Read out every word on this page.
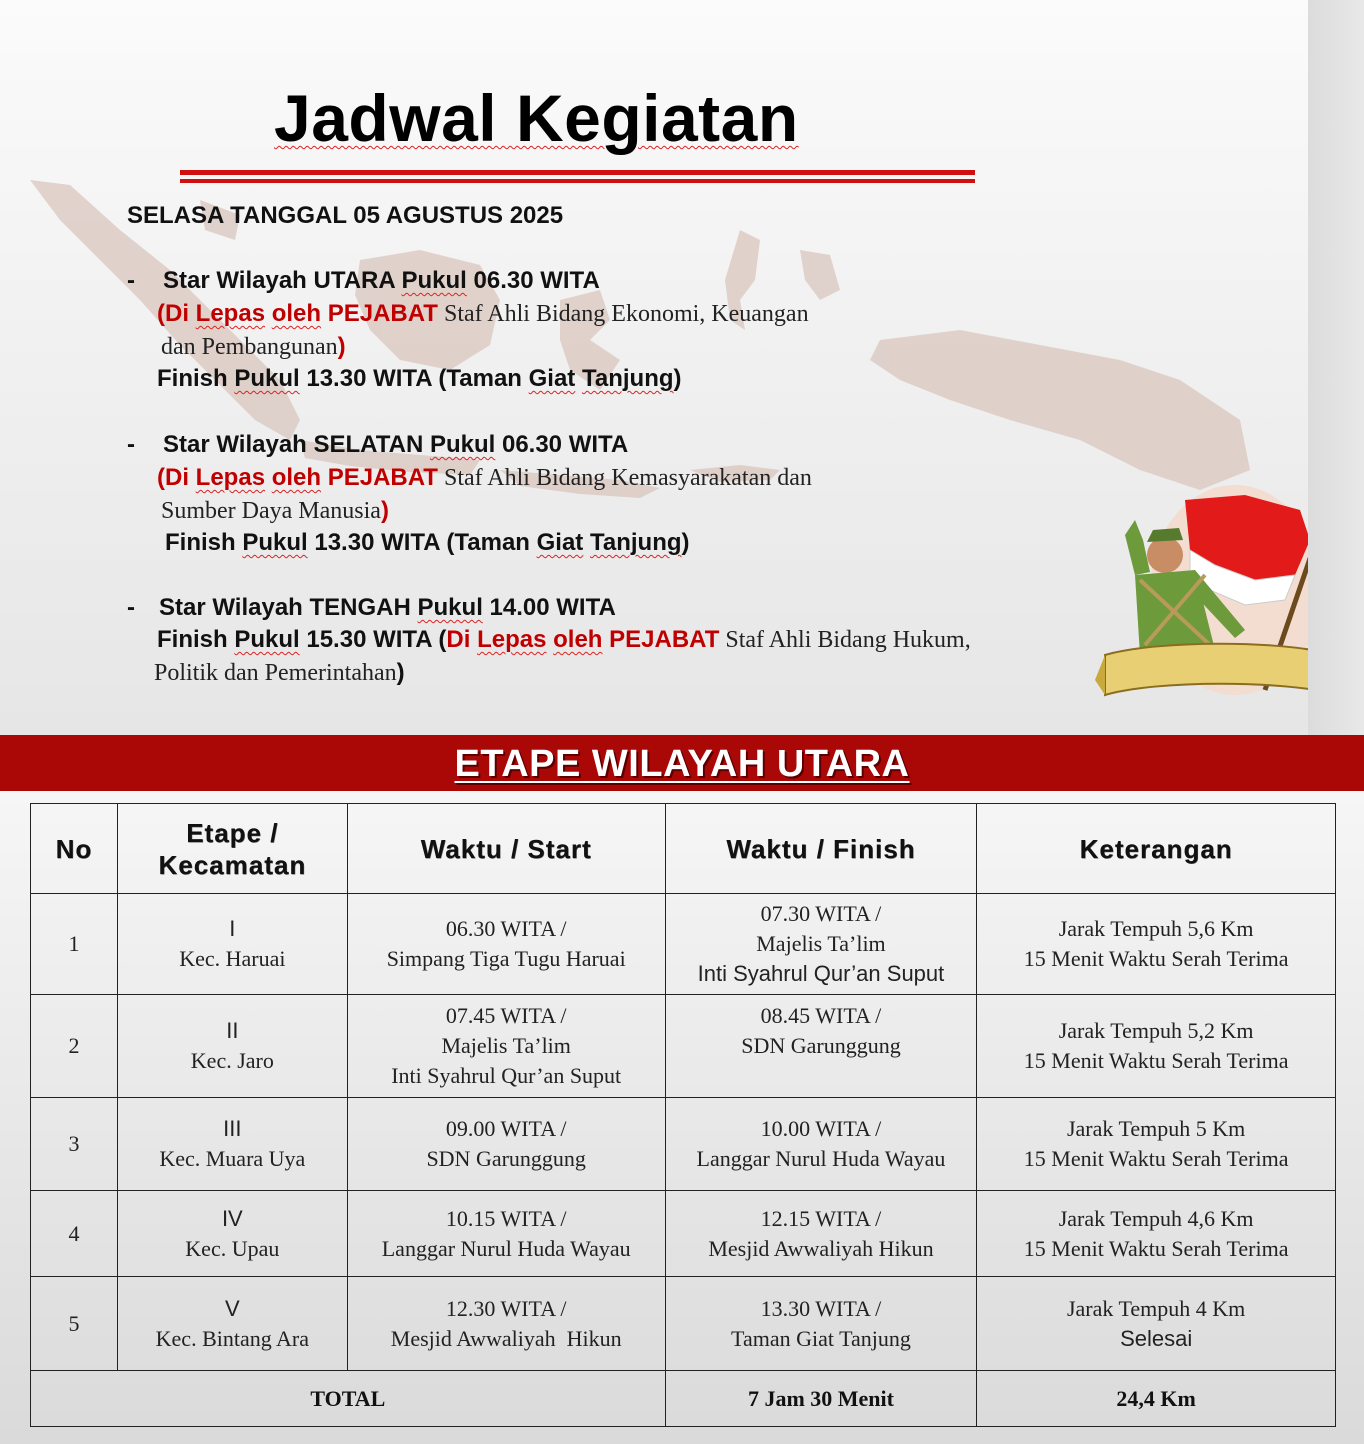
Jadwal Kegiatan
SELASA TANGGAL 05 AGUSTUS 2025
- Star Wilayah UTARA Pukul 06.30 WITA
(Di Lepas oleh PEJABAT Staf Ahli Bidang Ekonomi, Keuangan
dan Pembangunan)
Finish Pukul 13.30 WITA (Taman Giat Tanjung)
- Star Wilayah SELATAN Pukul 06.30 WITA
(Di Lepas oleh PEJABAT Staf Ahli Bidang Kemasyarakatan dan
Sumber Daya Manusia)
Finish Pukul 13.30 WITA (Taman Giat Tanjung)
- Star Wilayah TENGAH Pukul 14.00 WITA
Finish Pukul 15.30 WITA (Di Lepas oleh PEJABAT Staf Ahli Bidang Hukum,
Politik dan Pemerintahan)
ETAPE WILAYAH UTARA
No	Etape /
Kecamatan	Waktu / Start	Waktu / Finish	Keterangan
1	I
Kec. Haruai	06.30 WITA /
Simpang Tiga Tugu Haruai	07.30 WITA /
Majelis Ta’lim
Inti Syahrul Qur’an Suput	Jarak Tempuh 5,6 Km
15 Menit Waktu Serah Terima

2	II
Kec. Jaro	07.45 WITA /
Majelis Ta’lim
Inti Syahrul Qur’an Suput	08.45 WITA /
SDN Garunggung	Jarak Tempuh 5,2 Km
15 Menit Waktu Serah Terima

3	III
Kec. Muara Uya	09.00 WITA /
SDN Garunggung	10.00 WITA /
Langgar Nurul Huda Wayau	Jarak Tempuh 5 Km
15 Menit Waktu Serah Terima

4	IV
Kec. Upau	10.15 WITA /
Langgar Nurul Huda Wayau	12.15 WITA /
Mesjid Awwaliyah Hikun	Jarak Tempuh 4,6 Km
15 Menit Waktu Serah Terima

5	V
Kec. Bintang Ara	12.30 WITA /
Mesjid Awwaliyah  Hikun	13.30 WITA /
Taman Giat Tanjung	Jarak Tempuh 4 Km
Selesai

TOTAL			7 Jam 30 Menit	24,4 Km
